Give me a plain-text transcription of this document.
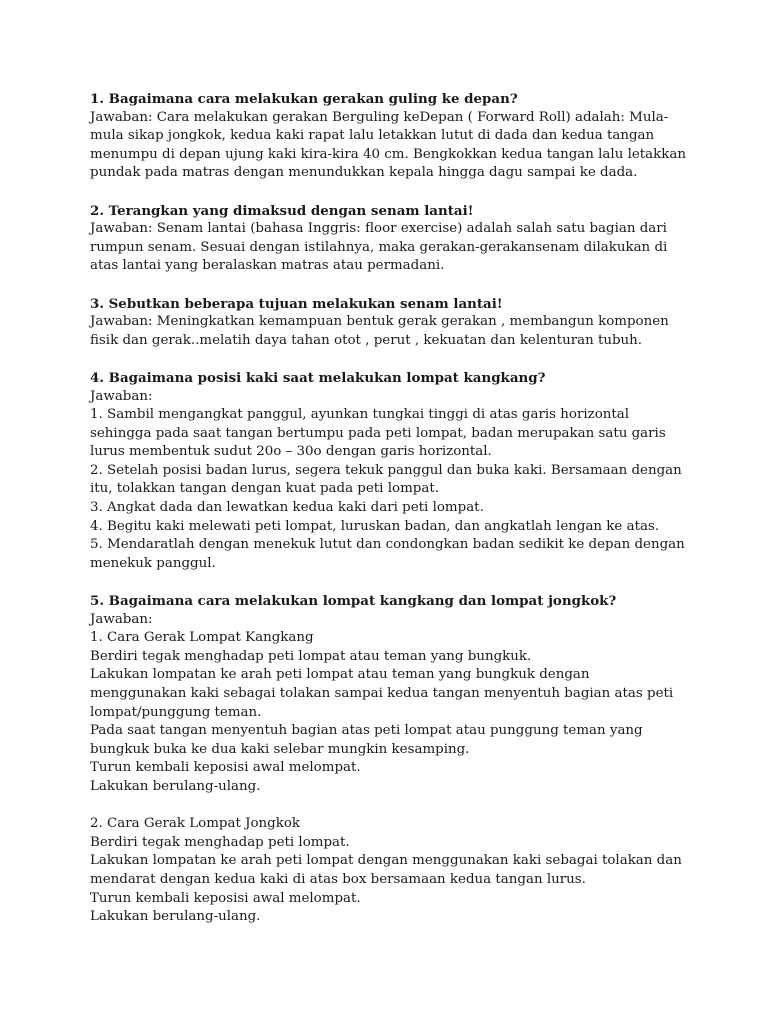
1. Bagaimana cara melakukan gerakan guling ke depan?
Jawaban: Cara melakukan gerakan Berguling keDepan ( Forward Roll) adalah: Mula-
mula sikap jongkok, kedua kaki rapat lalu letakkan lutut di dada dan kedua tangan
menumpu di depan ujung kaki kira-kira 40 cm. Bengkokkan kedua tangan lalu letakkan
pundak pada matras dengan menundukkan kepala hingga dagu sampai ke dada.
2. Terangkan yang dimaksud dengan senam lantai!
Jawaban: Senam lantai (bahasa Inggris: floor exercise) adalah salah satu bagian dari
rumpun senam. Sesuai dengan istilahnya, maka gerakan-gerakansenam dilakukan di
atas lantai yang beralaskan matras atau permadani.
3. Sebutkan beberapa tujuan melakukan senam lantai!
Jawaban: Meningkatkan kemampuan bentuk gerak gerakan , membangun komponen
fisik dan gerak..melatih daya tahan otot , perut , kekuatan dan kelenturan tubuh.
4. Bagaimana posisi kaki saat melakukan lompat kangkang?
Jawaban:
1. Sambil mengangkat panggul, ayunkan tungkai tinggi di atas garis horizontal
sehingga pada saat tangan bertumpu pada peti lompat, badan merupakan satu garis
lurus membentuk sudut 20o – 30o dengan garis horizontal.
2. Setelah posisi badan lurus, segera tekuk panggul dan buka kaki. Bersamaan dengan
itu, tolakkan tangan dengan kuat pada peti lompat.
3. Angkat dada dan lewatkan kedua kaki dari peti lompat.
4. Begitu kaki melewati peti lompat, luruskan badan, dan angkatlah lengan ke atas.
5. Mendaratlah dengan menekuk lutut dan condongkan badan sedikit ke depan dengan
menekuk panggul.
5. Bagaimana cara melakukan lompat kangkang dan lompat jongkok?
Jawaban:
1. Cara Gerak Lompat Kangkang
Berdiri tegak menghadap peti lompat atau teman yang bungkuk.
Lakukan lompatan ke arah peti lompat atau teman yang bungkuk dengan
menggunakan kaki sebagai tolakan sampai kedua tangan menyentuh bagian atas peti
lompat/punggung teman.
Pada saat tangan menyentuh bagian atas peti lompat atau punggung teman yang
bungkuk buka ke dua kaki selebar mungkin kesamping.
Turun kembali keposisi awal melompat.
Lakukan berulang-ulang.
2. Cara Gerak Lompat Jongkok
Berdiri tegak menghadap peti lompat.
Lakukan lompatan ke arah peti lompat dengan menggunakan kaki sebagai tolakan dan
mendarat dengan kedua kaki di atas box bersamaan kedua tangan lurus.
Turun kembali keposisi awal melompat.
Lakukan berulang-ulang.
